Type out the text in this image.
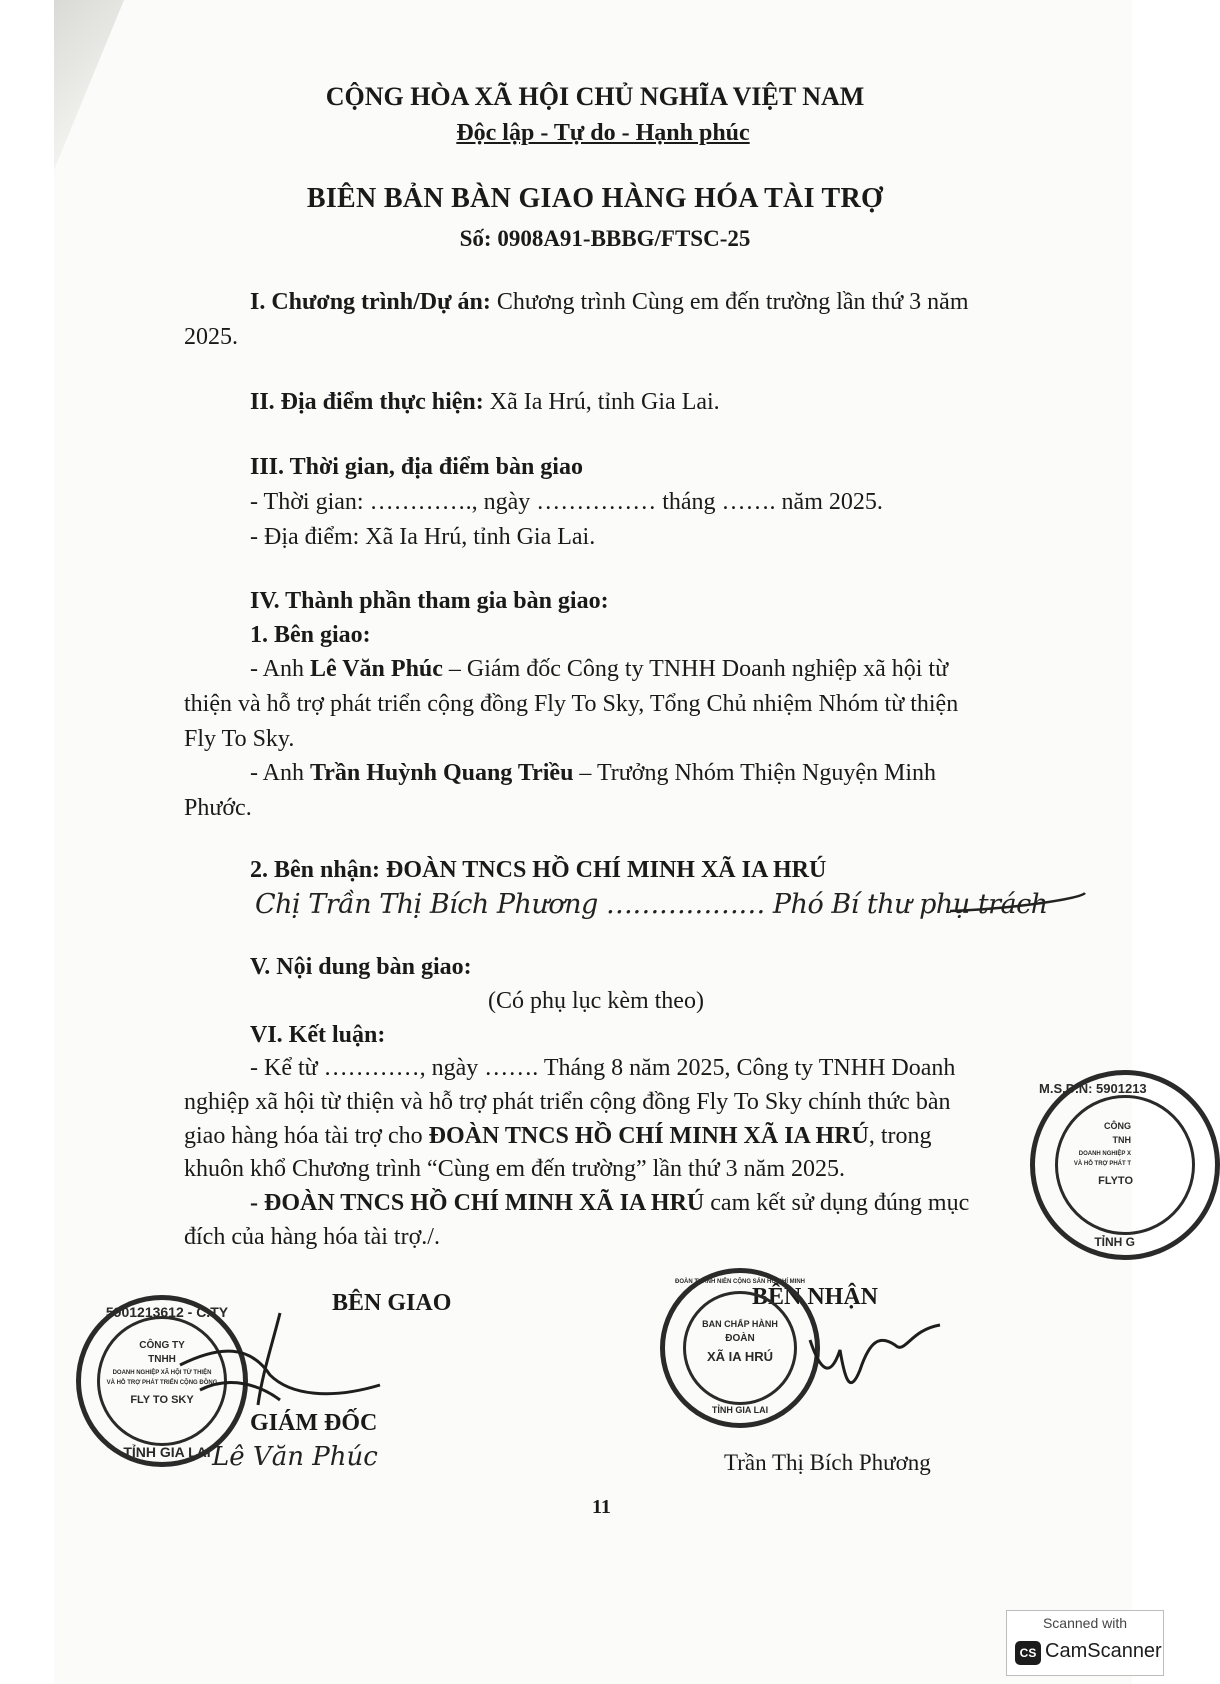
CỘNG HÒA XÃ HỘI CHỦ NGHĨA VIỆT NAM
Độc lập - Tự do - Hạnh phúc
BIÊN BẢN BÀN GIAO HÀNG HÓA TÀI TRỢ
Số: 0908A91-BBBG/FTSC-25
I. Chương trình/Dự án: Chương trình Cùng em đến trường lần thứ 3 năm
2025.
II. Địa điểm thực hiện: Xã Ia Hrú, tỉnh Gia Lai.
III. Thời gian, địa điểm bàn giao
- Thời gian: …………., ngày …………… tháng ……. năm 2025.
- Địa điểm: Xã Ia Hrú, tỉnh Gia Lai.
IV. Thành phần tham gia bàn giao:
1. Bên giao:
- Anh Lê Văn Phúc – Giám đốc Công ty TNHH Doanh nghiệp xã hội từ
thiện và hỗ trợ phát triển cộng đồng Fly To Sky, Tổng Chủ nhiệm Nhóm từ thiện
Fly To Sky.
- Anh Trần Huỳnh Quang Triều – Trưởng Nhóm Thiện Nguyện Minh
Phước.
2. Bên nhận: ĐOÀN TNCS HỒ CHÍ MINH XÃ IA HRÚ
Chị Trần Thị Bích Phương ……………… Phó Bí thư phụ trách
V. Nội dung bàn giao:
(Có phụ lục kèm theo)
VI. Kết luận:
- Kể từ …………, ngày ……. Tháng 8 năm 2025, Công ty TNHH Doanh
nghiệp xã hội từ thiện và hỗ trợ phát triển cộng đồng Fly To Sky chính thức bàn
giao hàng hóa tài trợ cho ĐOÀN TNCS HỒ CHÍ MINH XÃ IA HRÚ, trong
khuôn khổ Chương trình “Cùng em đến trường” lần thứ 3 năm 2025.
- ĐOÀN TNCS HỒ CHÍ MINH XÃ IA HRÚ cam kết sử dụng đúng mục
đích của hàng hóa tài trợ./.
BÊN GIAO	BÊN NHẬN
5901213612 - C.TY
CÔNG TY
TNHH
DOANH NGHIỆP XÃ HỘI TỪ THIỆN
VÀ HỖ TRỢ PHÁT TRIỂN CỘNG ĐỒNG
FLY TO SKY
TỈNH GIA LAI
GIÁM ĐỐC
Lê Văn Phúc
ĐOÀN THANH NIÊN CỘNG SẢN HỒ CHÍ MINH
BAN CHẤP HÀNH
ĐOÀN
XÃ IA HRÚ
TỈNH GIA LAI
Trần Thị Bích Phương
M.S.D.N: 5901213
CÔNG
TNH
DOANH NGHIỆP X
VÀ HỖ TRỢ PHÁT T
FLYTO
TỈNH G
11
Scanned with
CS CamScanner
